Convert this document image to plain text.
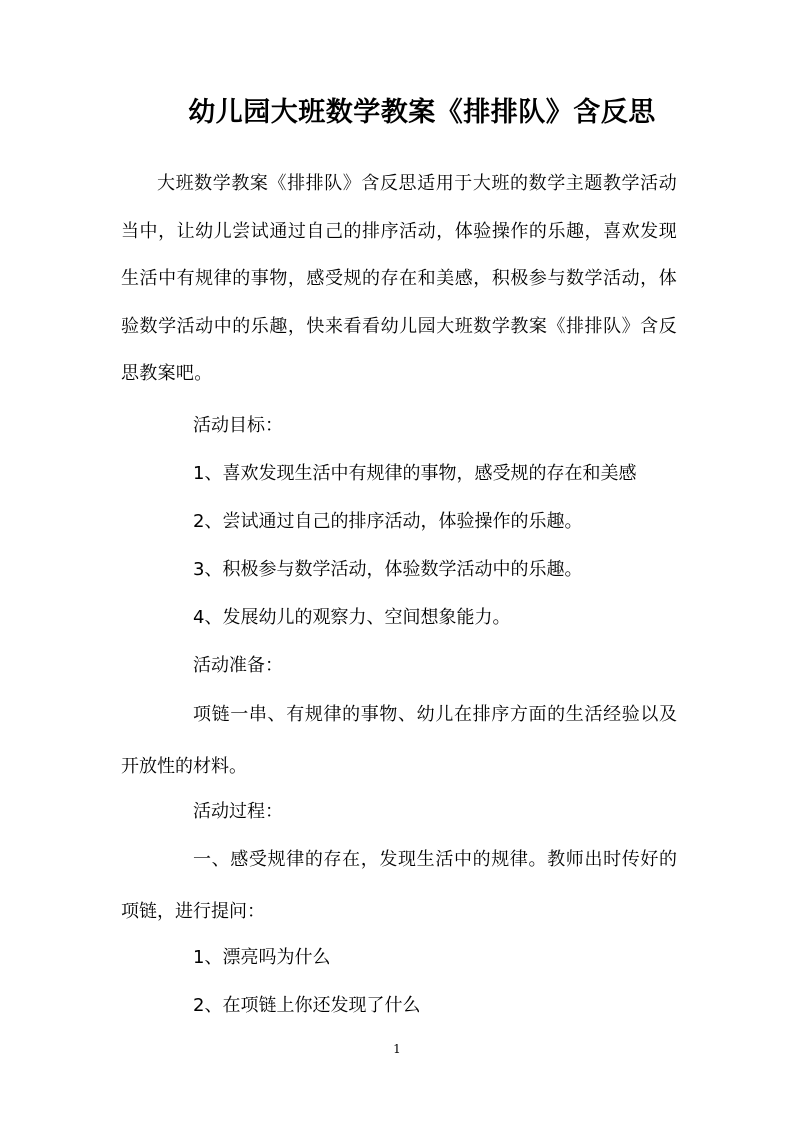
幼儿园大班数学教案《排排队》含反思
大班数学教案《排排队》含反思适用于大班的数学主题教学活动当中，让幼儿尝试通过自己的排序活动，体验操作的乐趣，喜欢发现生活中有规律的事物，感受规的存在和美感，积极参与数学活动，体验数学活动中的乐趣，快来看看幼儿园大班数学教案《排排队》含反思教案吧。
活动目标：
1、喜欢发现生活中有规律的事物，感受规的存在和美感
2、尝试通过自己的排序活动，体验操作的乐趣。
3、积极参与数学活动，体验数学活动中的乐趣。
4、发展幼儿的观察力、空间想象能力。
活动准备：
项链一串、有规律的事物、幼儿在排序方面的生活经验以及开放性的材料。
活动过程：
一、感受规律的存在，发现生活中的规律。教师出时传好的项链，进行提问：
1、漂亮吗为什么
2、在项链上你还发现了什么
1
